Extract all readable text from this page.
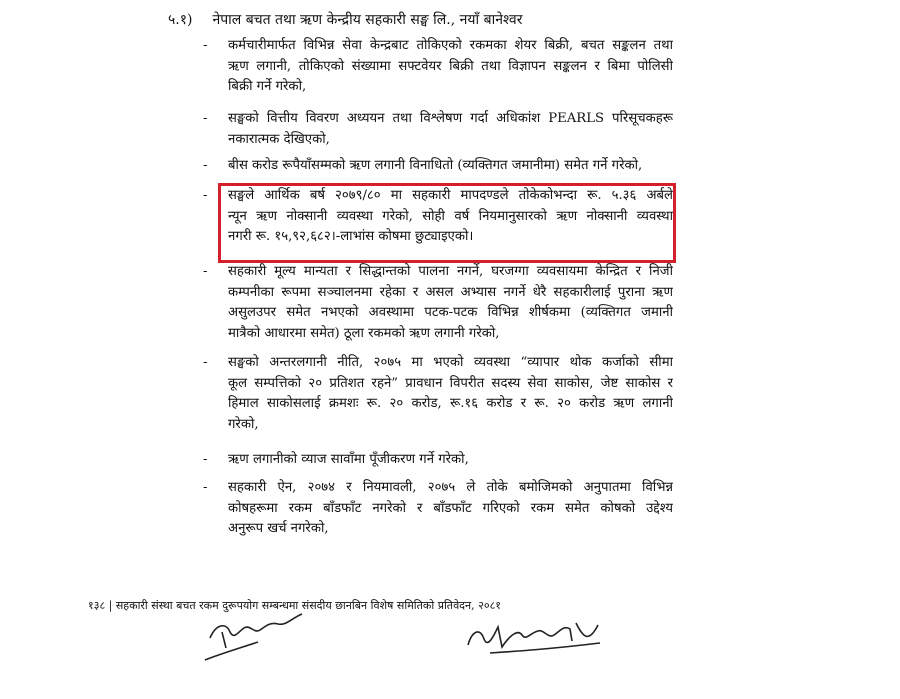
५.१) नेपाल बचत तथा ऋण केन्द्रीय सहकारी सङ्घ लि., नयाँ बानेश्वर
- कर्मचारीमार्फत विभिन्न सेवा केन्द्रबाट तोकिएको रकमका शेयर बिक्री, बचत सङ्कलन तथा
ऋण लगानी, तोकिएको संख्यामा सफ्टवेयर बिक्री तथा विज्ञापन सङ्कलन र बिमा पोलिसी
बिक्री गर्ने गरेको,
- सङ्घको वित्तीय विवरण अध्ययन तथा विश्लेषण गर्दा अधिकांश PEARLS परिसूचकहरू
नकारात्मक देखिएको,
- बीस करोड रूपैयाँसम्मको ऋण लगानी विनाधितो (व्यक्तिगत जमानीमा) समेत गर्ने गरेको,
- सङ्घले आर्थिक बर्ष २०७९/८० मा सहकारी मापदण्डले तोकेकोभन्दा रू. ५.३६ अर्बले
न्यून ऋण नोक्सानी व्यवस्था गरेको, सोही वर्ष नियमानुसारको ऋण नोक्सानी व्यवस्था
नगरी रू. १५,९२,६८२।-लाभांस कोषमा छुट्याइएको।
- सहकारी मूल्य मान्यता र सिद्धान्तको पालना नगर्ने, घरजग्गा व्यवसायमा केन्द्रित र निजी
कम्पनीका रूपमा सञ्चालनमा रहेका र असल अभ्यास नगर्ने धेरै सहकारीलाई पुराना ऋण
असुलउपर समेत नभएको अवस्थामा पटक-पटक विभिन्न शीर्षकमा (व्यक्तिगत जमानी
मात्रैको आधारमा समेत) ठूला रकमको ऋण लगानी गरेको,
- सङ्घको अन्तरलगानी नीति, २०७५ मा भएको व्यवस्था “व्यापार थोक कर्जाको सीमा
कूल सम्पत्तिको २० प्रतिशत रहने” प्रावधान विपरीत सदस्य सेवा साकोस, जेष्ट साकोस र
हिमाल साकोसलाई क्रमशः रू. २० करोड, रू.१६ करोड र रू. २० करोड ऋण लगानी
गरेको,
- ऋण लगानीको व्याज सावाँमा पूँजीकरण गर्ने गरेको,
- सहकारी ऐन, २०७४ र नियमावली, २०७५ ले तोके बमोजिमको अनुपातमा विभिन्न
कोषहरूमा रकम बाँडफाँट नगरेको र बाँडफाँट गरिएको रकम समेत कोषको उद्देश्य
अनुरूप खर्च नगरेको,
१३८ | सहकारी संस्था बचत रकम दुरूपयोग सम्बन्धमा संसदीय छानबिन विशेष समितिको प्रतिवेदन, २०८१
